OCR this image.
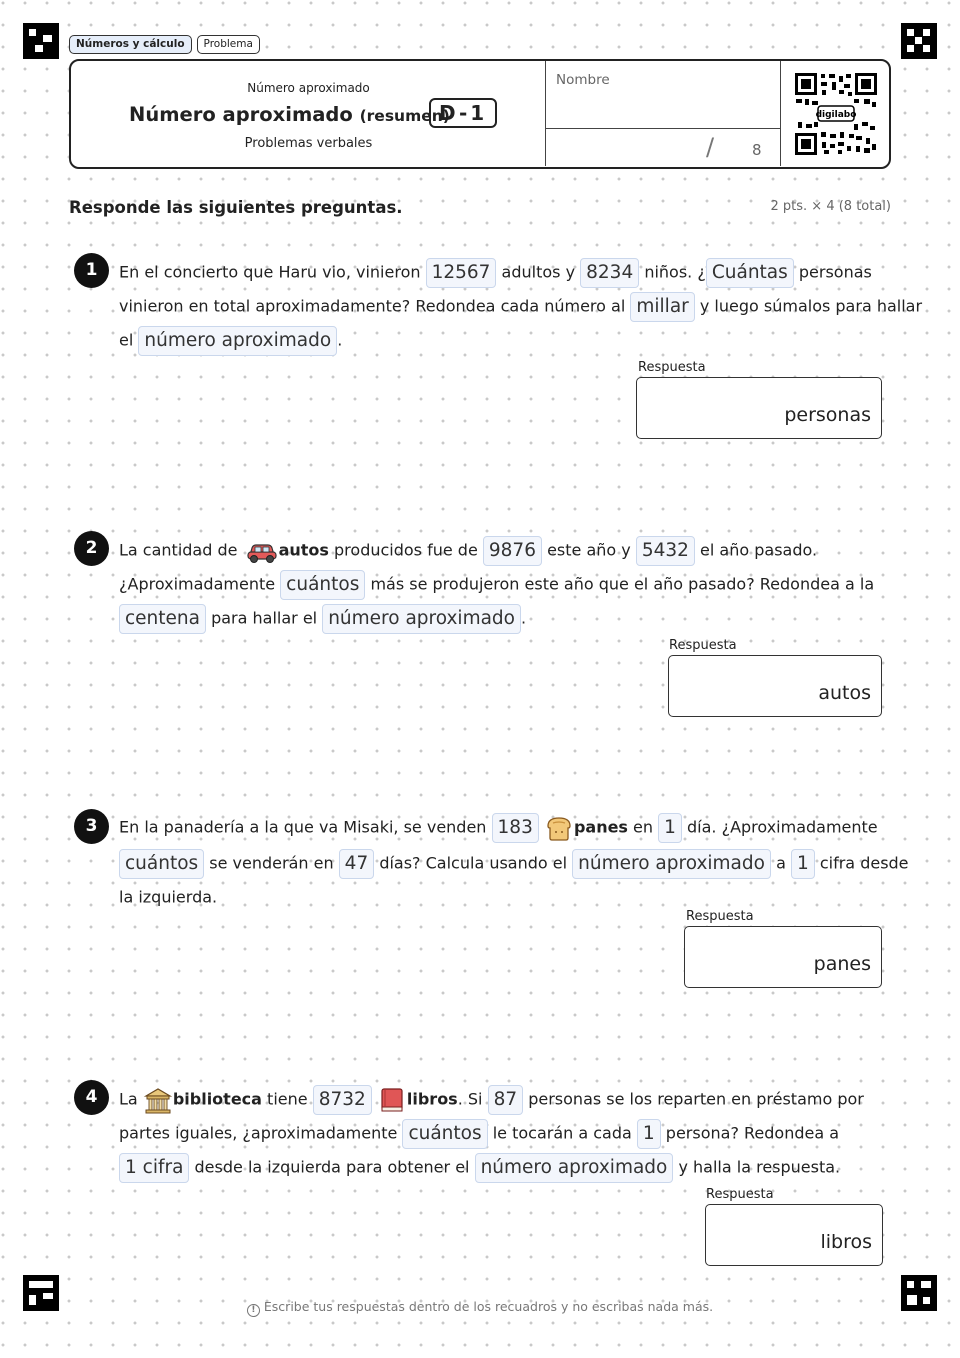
Números y cálculo	Problema
Número aproximado
Número aproximado (resumen)
D-1
Problemas verbales
Nombre
/	8
digilabo
Responde las siguientes preguntas.	2 pts. × 4 (8 total)
1	En el concierto que Haru vio, vinieron 12567 adultos y 8234 niños. ¿ Cuántas personas
vinieron en total aproximadamente? Redondea cada número al millar y luego súmalos para hallar
el número aproximado .
Respuesta
personas
2	La cantidad de	autos producidos fue de 9876 este año y 5432 el año pasado.
¿Aproximadamente cuántos más se produjeron este año que el año pasado? Redondea a la
centena para hallar el número aproximado .
Respuesta
autos
3	En la panadería a la que va Misaki, se venden 183	panes en 1 día. ¿Aproximadamente
cuántos se venderán en 47 días? Calcula usando el número aproximado a 1 cifra desde
la izquierda.
Respuesta
panes
4	La biblioteca tiene 8732	libros. Si 87 personas se los reparten en préstamo por
partes iguales, ¿aproximadamente cuántos le tocarán a cada 1 persona? Redondea a
1 cifra desde la izquierda para obtener el número aproximado y halla la respuesta.
Respuesta
libros
! Escribe tus respuestas dentro de los recuadros y no escribas nada más.
